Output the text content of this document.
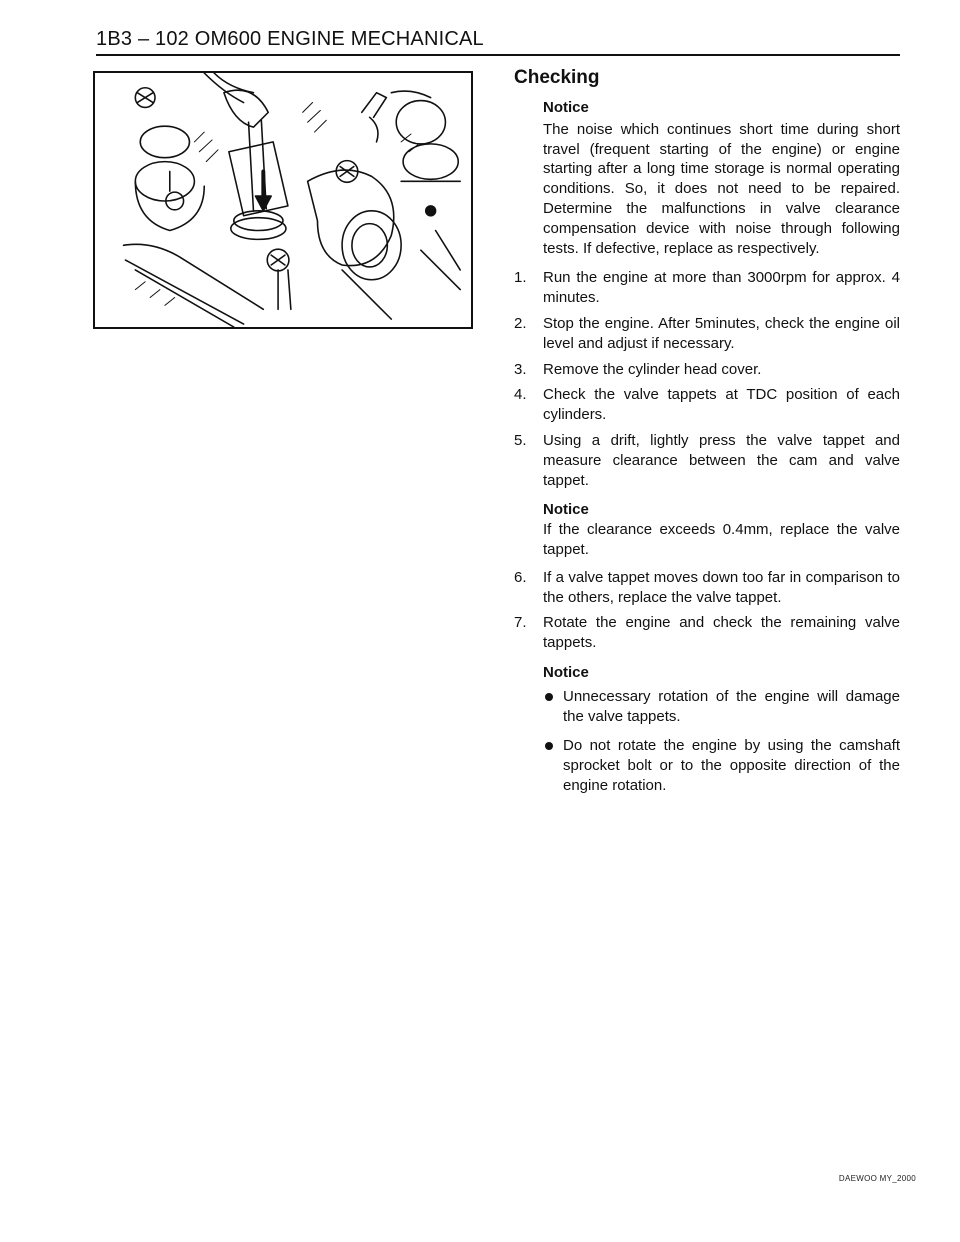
1B3 – 102 OM600 ENGINE MECHANICAL
Checking
Notice
The noise which continues short time during short travel (frequent starting of the engine) or engine starting after a long time storage is normal operating conditions. So, it does not need to be repaired. Determine the malfunctions in valve clearance compensation device with noise through following tests. If defective, replace as respectively.
1. Run the engine at more than 3000rpm for approx. 4 minutes.
2. Stop the engine. After 5minutes, check the engine oil level and adjust if necessary.
3. Remove the cylinder head cover.
4. Check the valve tappets at TDC position of each cylinders.
5. Using a drift, lightly press the valve tappet and measure clearance between the cam and valve tappet.
Notice
If the clearance exceeds 0.4mm, replace the valve tappet.
6. If a valve tappet moves down too far in comparison to the others, replace the valve tappet.
7. Rotate the engine and check the remaining valve tappets.
Notice
Unnecessary rotation of the engine will damage the valve tappets.
Do not rotate the engine by using the camshaft sprocket bolt or to the opposite direction of the engine rotation.
DAEWOO MY_2000
